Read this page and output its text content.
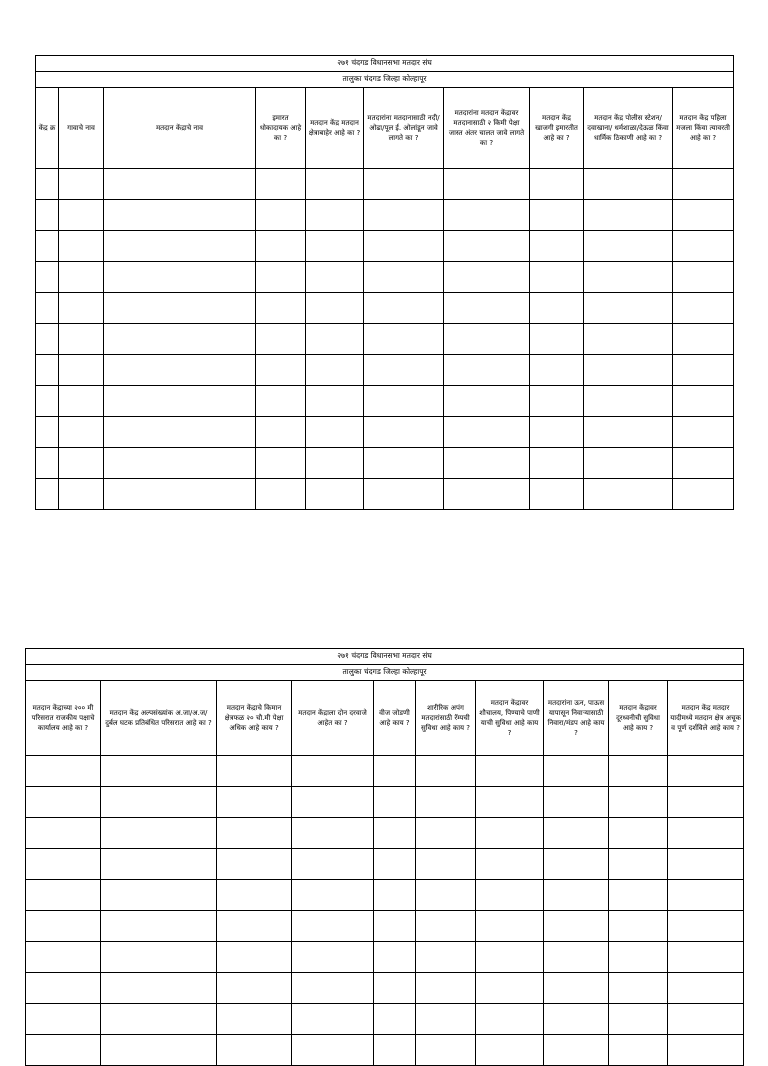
२७१ चंदगड विधानसभा मतदार संघ									
तालुका चंदगड जिल्हा कोल्हापूर									
केंद्र क्र	गावाचे नाव	मतदान केंद्राचे नाव	इमारत धोकादायक आहे का ?	मतदान केंद्र मतदान क्षेत्राबाहेर आहे का ?	मतदारांना मतदानासाठी नदी/ओढा/पूल ई. ओलांडून जावे लागते का ?	मतदारांना मतदान केंद्रावर मतदानासाठी २ किमी पेक्षा जास्त अंतर चालत जावे लागते का ?	मतदान केंद्र खाजगी इमारतीत आहे का ?	मतदान केंद्र पोलीस स्टेशन/दवाखाना/ धर्मशाळा/देऊळ किंवा धार्मिक ठिकाणी आहे का ?	मतदान केंद्र पहिला मजला किंवा त्यावरती आहे का ?

२७१ चंदगड विधानसभा मतदार संघ									
तालुका चंदगड जिल्हा कोल्हापूर									
मतदान केंद्राच्या २०० मी परिसरात राजकीय पक्षाचे कार्यालय आहे का ?	मतदान केंद्र अल्पसंख्यांक अ.जा/अ.ज/ दुर्बल घटक प्रतिबंधित परिसरात आहे का ?	मतदान केंद्राचे किमान क्षेत्रफळ २० चौ.मी पेक्षा अधिक आहे काय ?	मतदान केंद्राला दोन दरवाजे आहेत का ?	वीज जोडणी आहे काय ?	शारीरिक अपंग मतदारांसाठी रॅम्पची सुविधा आहे काय ?	मतदान केंद्रावर शौचालय, पिण्याचे पाणी याची सुविधा आहे काय ?	मतदारांना ऊन, पाऊस यापासून निवाऱ्यासाठी निवारा/मंडप आहे काय ?	मतदान केंद्रावर दूरध्वनीची सुविधा आहे काय ?	मतदान केंद्र मतदार यादीमध्ये मतदान क्षेत्र अचूक व पूर्ण दर्शविले आहे काय ?
